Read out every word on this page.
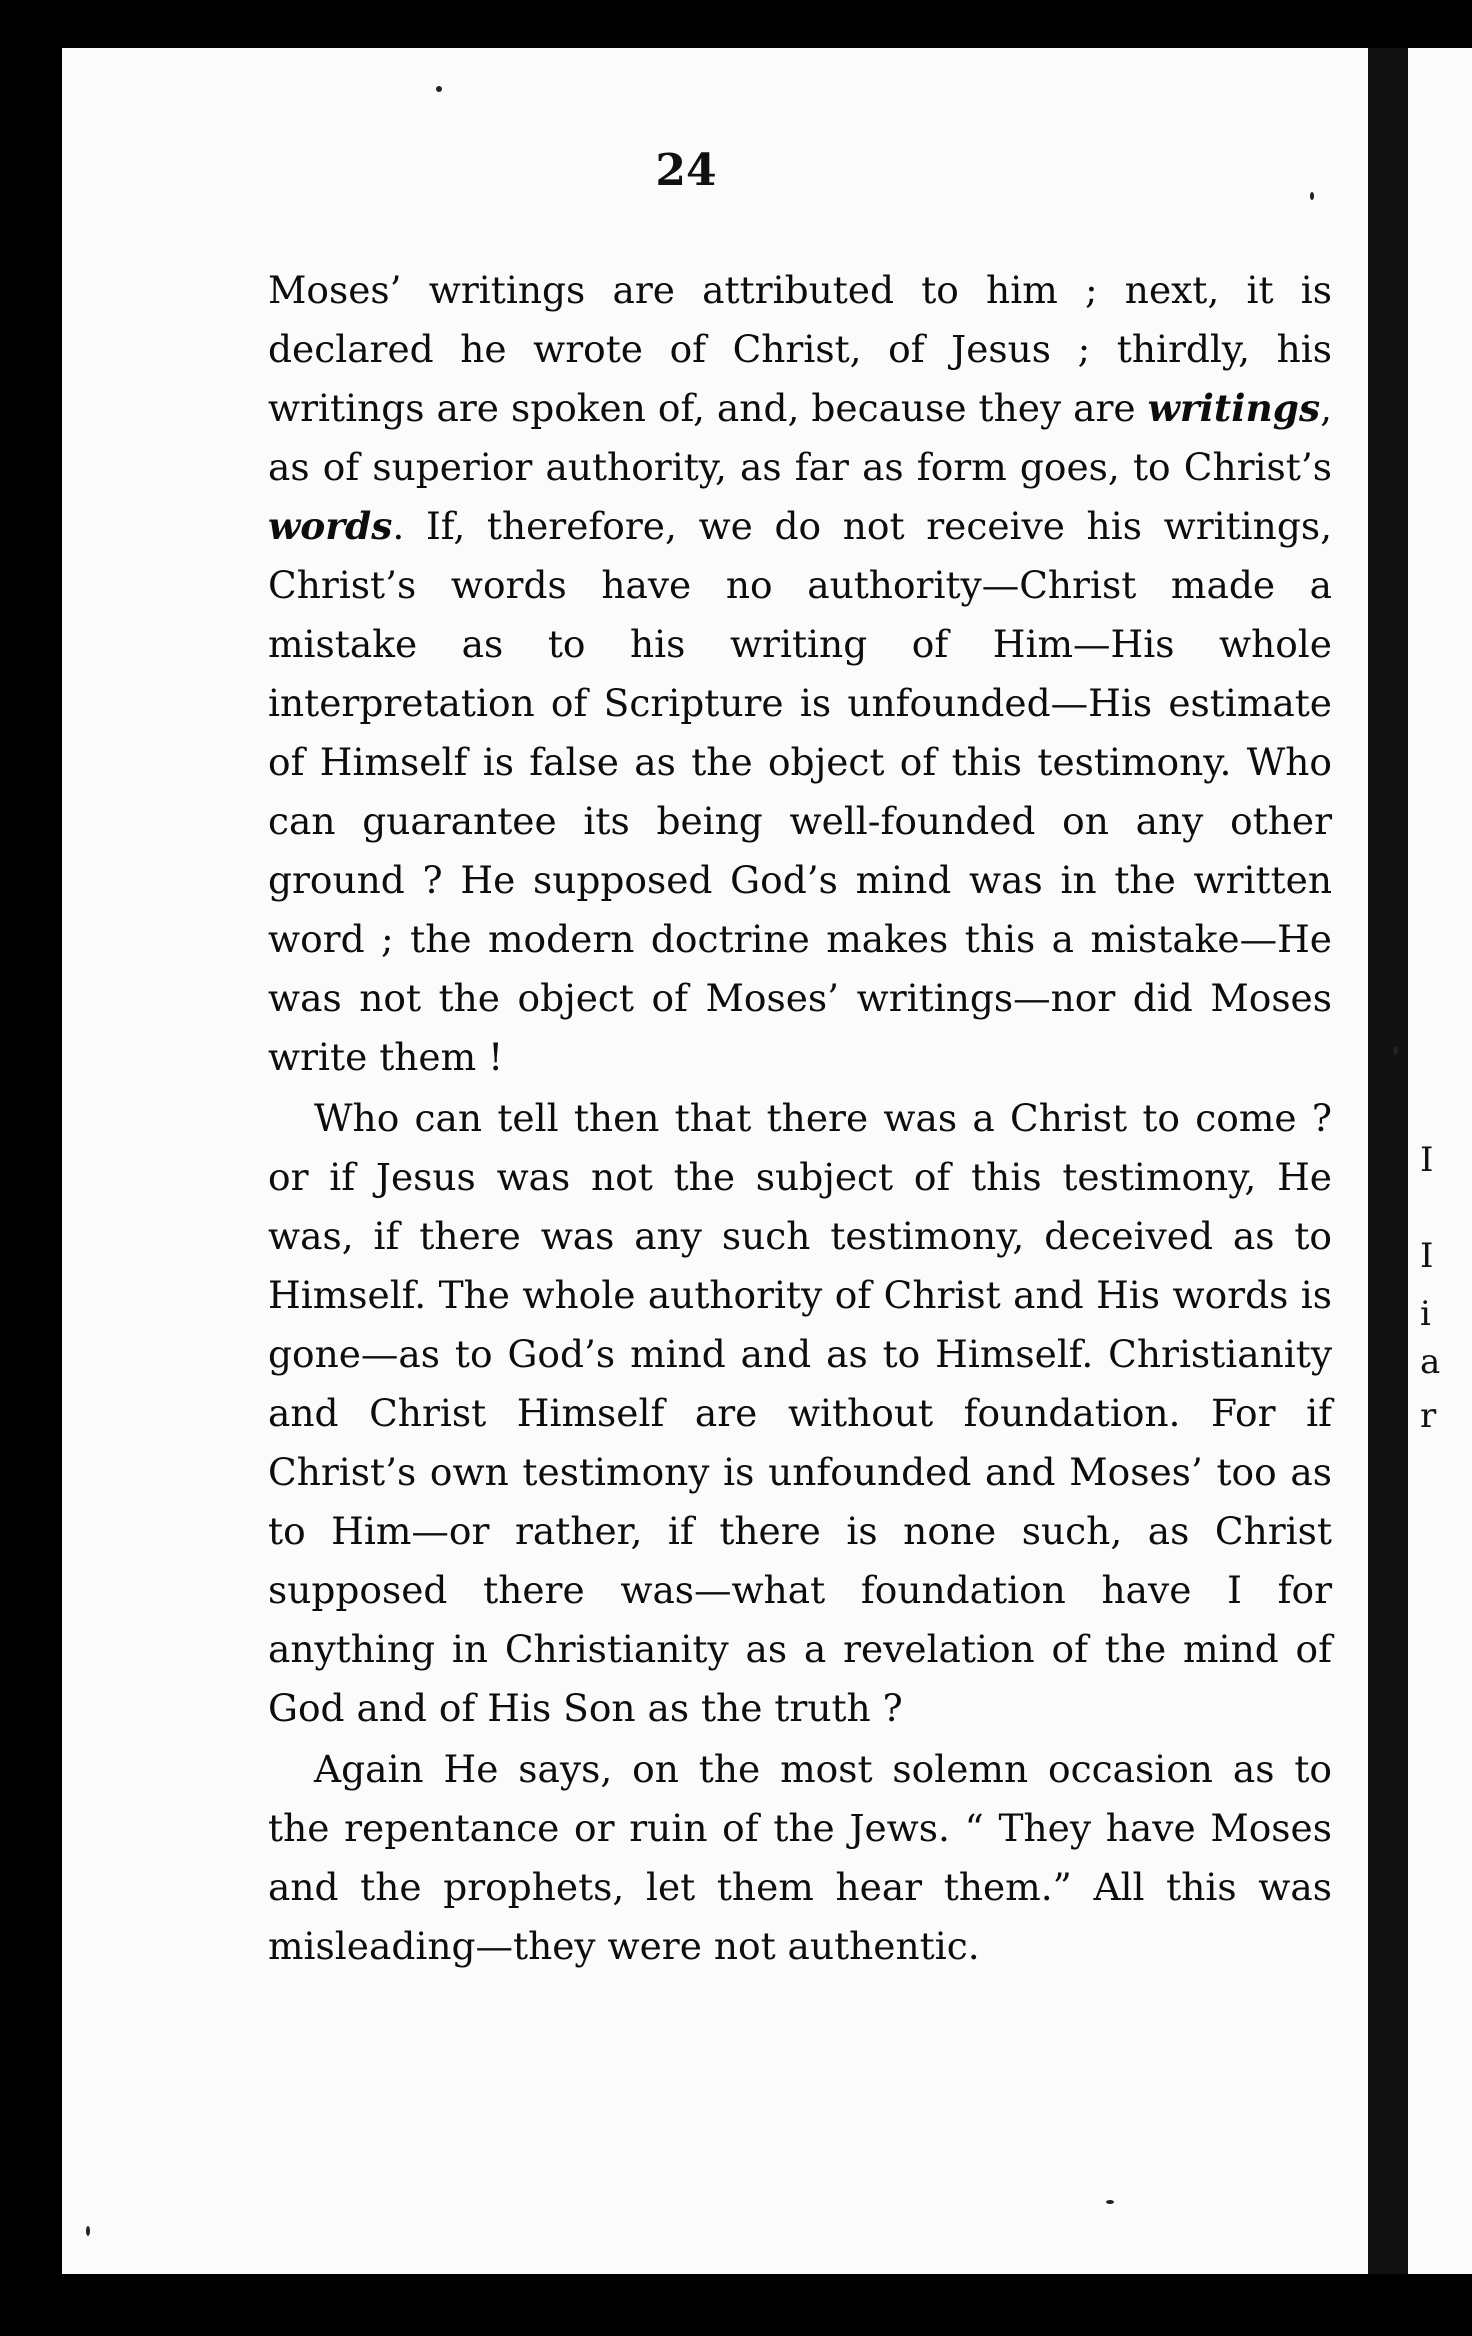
I
I
i
a
r
24

Moses’ writings are attributed to him ; next, it is declared he wrote of Christ, of Jesus ; thirdly, his writings are spoken of, and, because they are writings, as of superior authority, as far as form goes, to Christ’s words. If, therefore, we do not receive his writings, Christ’s words have no authority—Christ made a mistake as to his writing of Him—His whole interpretation of Scripture is unfounded—His estimate of Himself is false as the object of this testimony. Who can guarantee its being well-founded on any other ground ? He supposed God’s mind was in the written word ; the modern doctrine makes this a mistake—He was not the object of Moses’ writings—nor did Moses write them !

Who can tell then that there was a Christ to come ? or if Jesus was not the subject of this testimony, He was, if there was any such testimony, deceived as to Himself. The whole authority of Christ and His words is gone—as to God’s mind and as to Himself. Christianity and Christ Himself are without foundation. For if Christ’s own testimony is unfounded and Moses’ too as to Him—or rather, if there is none such, as Christ supposed there was—what foundation have I for anything in Christianity as a revelation of the mind of God and of His Son as the truth ?

Again He says, on the most solemn occasion as to the repentance or ruin of the Jews. “ They have Moses and the prophets, let them hear them.” All this was misleading—they were not authentic.
